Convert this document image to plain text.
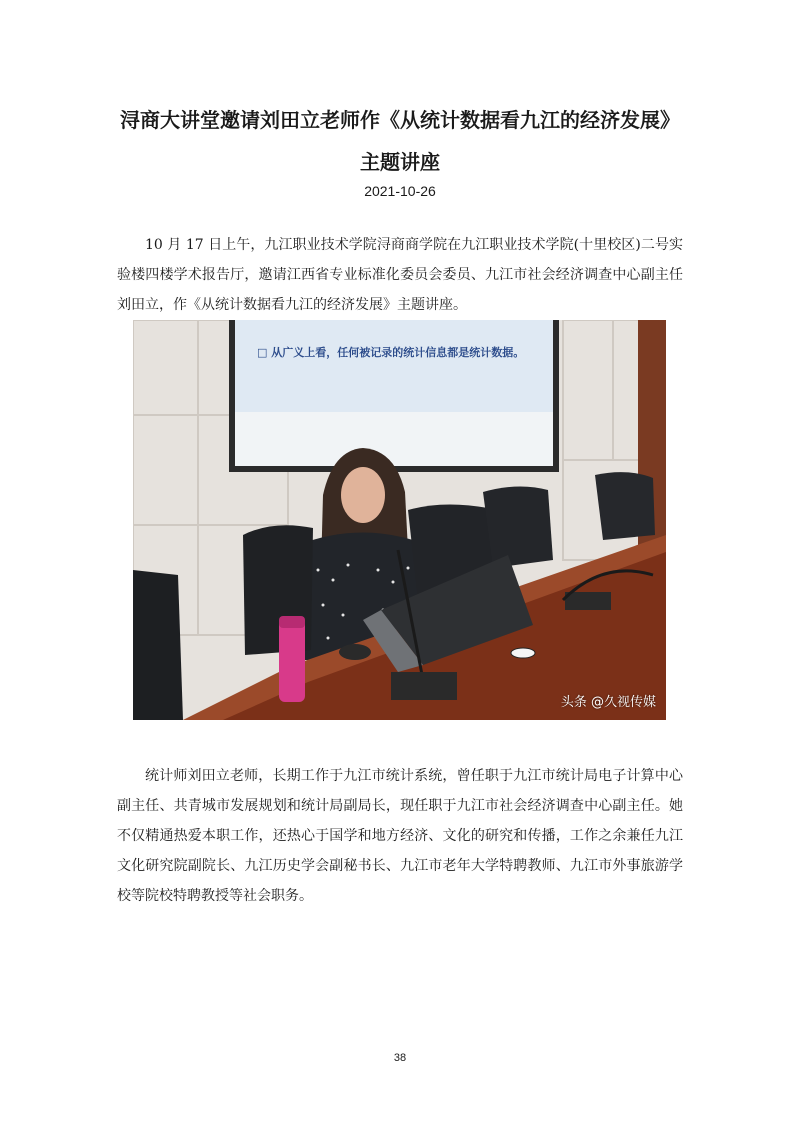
浔商大讲堂邀请刘田立老师作《从统计数据看九江的经济发展》
主题讲座
2021-10-26

10 月 17 日上午，九江职业技术学院浔商商学院在九江职业技术学院(十里校区)二号实验楼四楼学术报告厅，邀请江西省专业标准化委员会委员、九江市社会经济调查中心副主任刘田立，作《从统计数据看九江的经济发展》主题讲座。

□ 从广义上看，任何被记录的统计信息都是统计数据。
头条 @久视传媒

统计师刘田立老师，长期工作于九江市统计系统，曾任职于九江市统计局电子计算中心副主任、共青城市发展规划和统计局副局长，现任职于九江市社会经济调查中心副主任。她不仅精通热爱本职工作，还热心于国学和地方经济、文化的研究和传播，工作之余兼任九江文化研究院副院长、九江历史学会副秘书长、九江市老年大学特聘教师、九江市外事旅游学校等院校特聘教授等社会职务。

38
